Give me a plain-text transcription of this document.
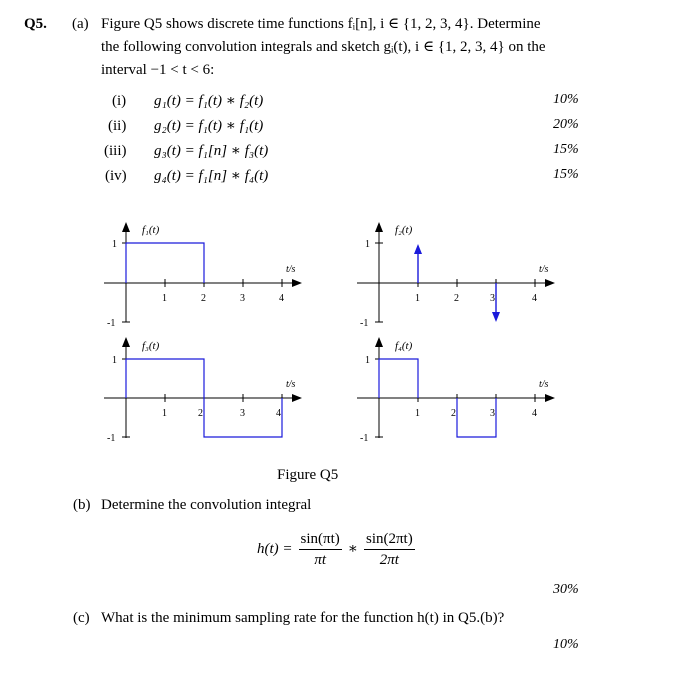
Q5. (a) Figure Q5 shows discrete time functions fᵢ[n], i ∈ {1, 2, 3, 4}. Determine
the following convolution integrals and sketch gᵢ(t), i ∈ {1, 2, 3, 4} on the
interval −1 < t < 6:
(i) g₁(t) = f₁(t) ∗ f₂(t)	10%
(ii) g₂(t) = f₁(t) ∗ f₁(t)	20%
(iii) g₃(t) = f₁[n] ∗ f₃(t)	15%
(iv) g₄(t) = f₁[n] ∗ f₄(t)	15%
f₁(t)
1
-1
1	2	3	4
t/s
f₂(t)
1
-1
1	2	3	4
t/s
f₃(t)
1
-1
1	2	3	4
t/s
f₄(t)
1
-1
1	2	3	4
t/s
Figure Q5
(b) Determine the convolution integral
$h(t) = \frac{\sin(\pi t)}{\pi t}$ ∗ $\frac{\sin(2\pi t)}{2\pi t}$
30%
(c) What is the minimum sampling rate for the function h(t) in Q5.(b)?
10%
